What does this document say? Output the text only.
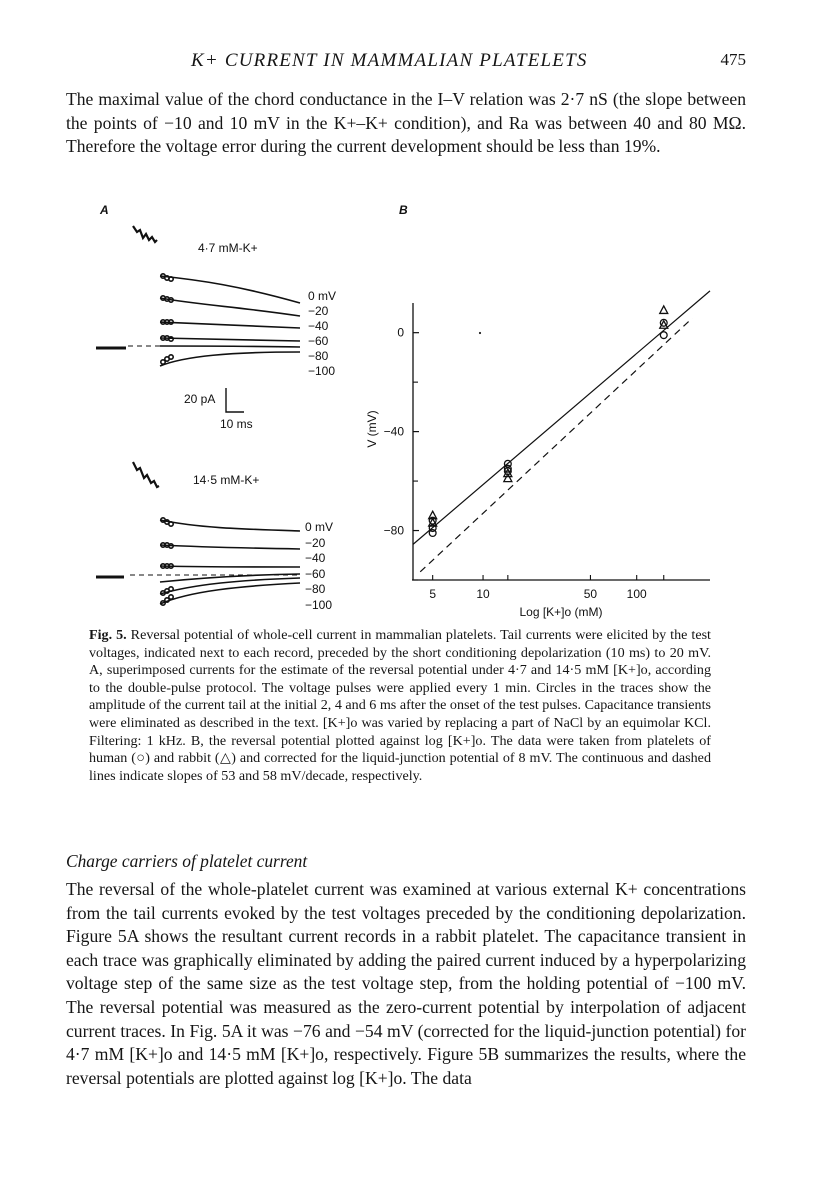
K+ CURRENT IN MAMMALIAN PLATELETS	475

The maximal value of the chord conductance in the I–V relation was 2·7 nS (the slope between the points of −10 and 10 mV in the K+–K+ condition), and Ra was between 40 and 80 MΩ. Therefore the voltage error during the current development should be less than 19%.

A
4·7 mM-K+
0 mV
−20
−40
−60
−80
−100
20 pA
10 ms
14·5 mM-K+
0 mV
−20
−40
−60
−80
−100
B
V (mV)
Log [K+]o (mM)
0
−40
−80
5	10	50 100

Fig. 5. Reversal potential of whole-cell current in mammalian platelets. Tail currents were elicited by the test voltages, indicated next to each record, preceded by the short conditioning depolarization (10 ms) to 20 mV. A, superimposed currents for the estimate of the reversal potential under 4·7 and 14·5 mM [K+]o, according to the double-pulse protocol. The voltage pulses were applied every 1 min. Circles in the traces show the amplitude of the current tail at the initial 2, 4 and 6 ms after the onset of the test pulses. Capacitance transients were eliminated as described in the text. [K+]o was varied by replacing a part of NaCl by an equimolar KCl. Filtering: 1 kHz. B, the reversal potential plotted against log [K+]o. The data were taken from platelets of human (○) and rabbit (△) and corrected for the liquid-junction potential of 8 mV. The continuous and dashed lines indicate slopes of 53 and 58 mV/decade, respectively.

Charge carriers of platelet current

The reversal of the whole-platelet current was examined at various external K+ concentrations from the tail currents evoked by the test voltages preceded by the conditioning depolarization. Figure 5A shows the resultant current records in a rabbit platelet. The capacitance transient in each trace was graphically eliminated by adding the paired current induced by a hyperpolarizing voltage step of the same size as the test voltage step, from the holding potential of −100 mV. The reversal potential was measured as the zero-current potential by interpolation of adjacent current traces. In Fig. 5A it was −76 and −54 mV (corrected for the liquid-junction potential) for 4·7 mM [K+]o and 14·5 mM [K+]o, respectively. Figure 5B summarizes the results, where the reversal potentials are plotted against log [K+]o. The data
